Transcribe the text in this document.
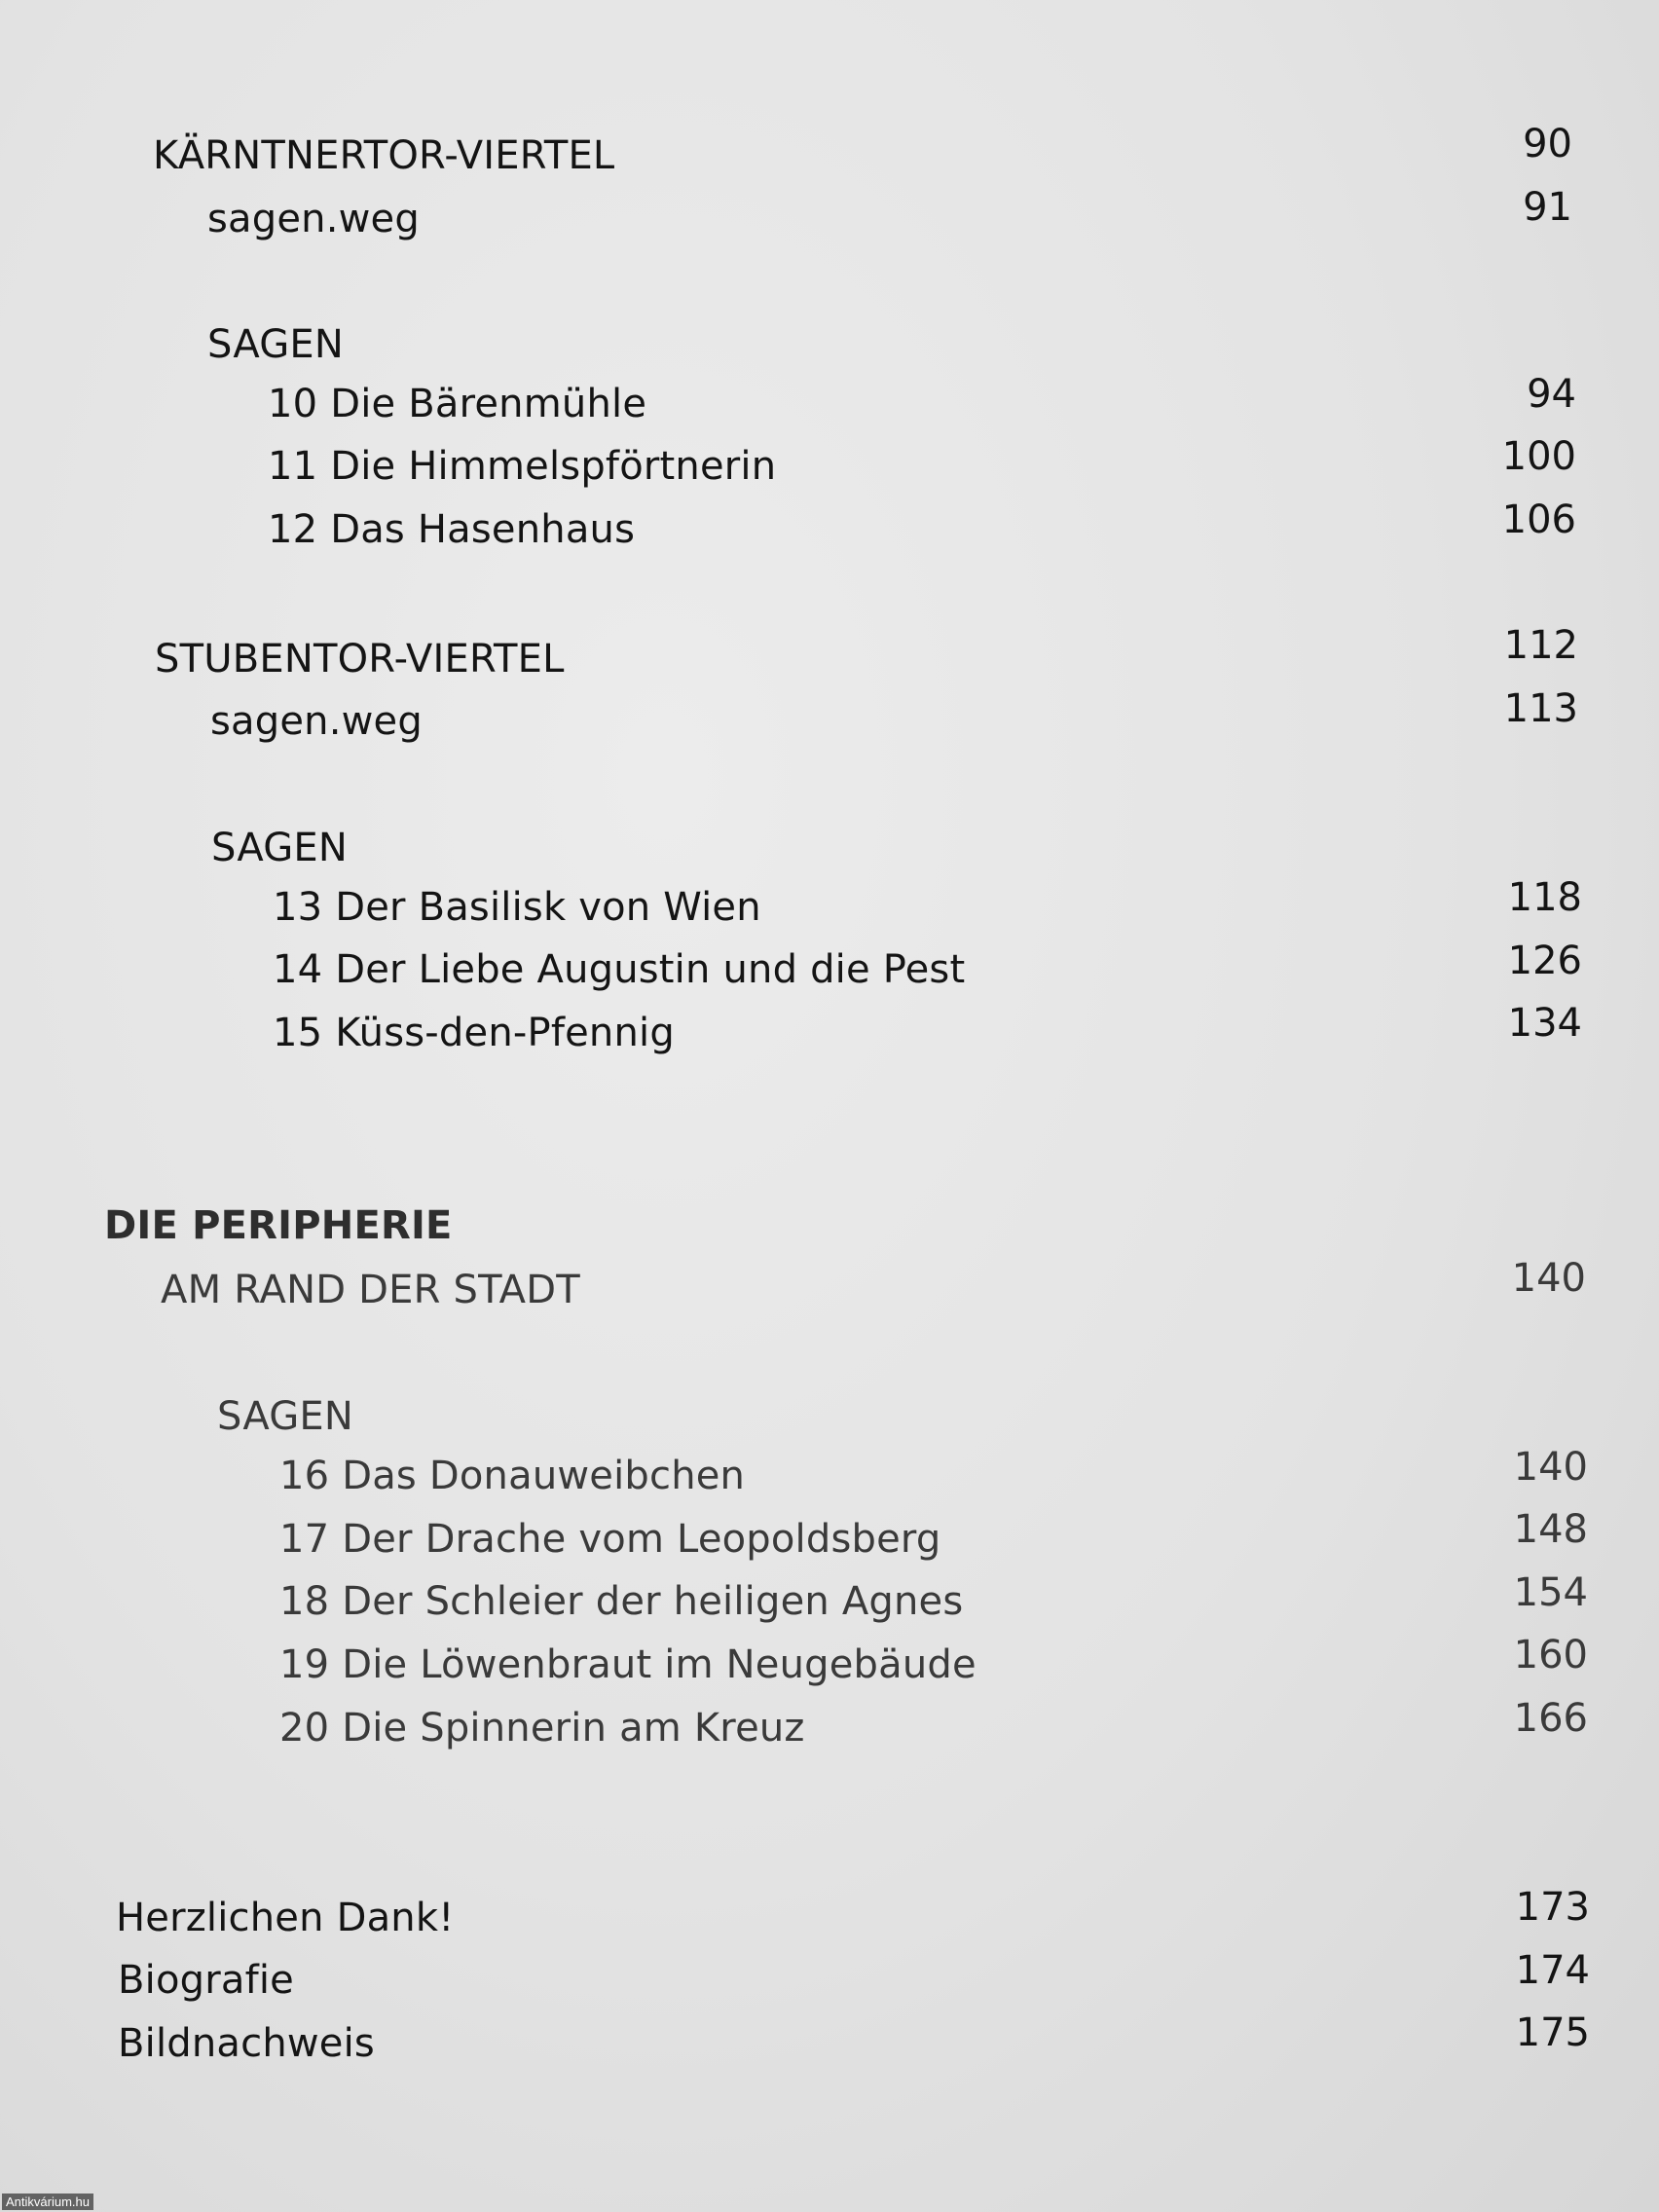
KÄRNTNERTOR-VIERTEL	90
sagen.weg	91
SAGEN
10 Die Bärenmühle	94
11 Die Himmelspförtnerin	100
12 Das Hasenhaus	106
STUBENTOR-VIERTEL	112
sagen.weg	113
SAGEN
13 Der Basilisk von Wien	118
14 Der Liebe Augustin und die Pest	126
15 Küss-den-Pfennig	134
DIE PERIPHERIE
AM RAND DER STADT	140
SAGEN
16 Das Donauweibchen	140
17 Der Drache vom Leopoldsberg	148
18 Der Schleier der heiligen Agnes	154
19 Die Löwenbraut im Neugebäude	160
20 Die Spinnerin am Kreuz	166
Herzlichen Dank!	173
Biografie	174
Bildnachweis	175
Antikvárium.hu
